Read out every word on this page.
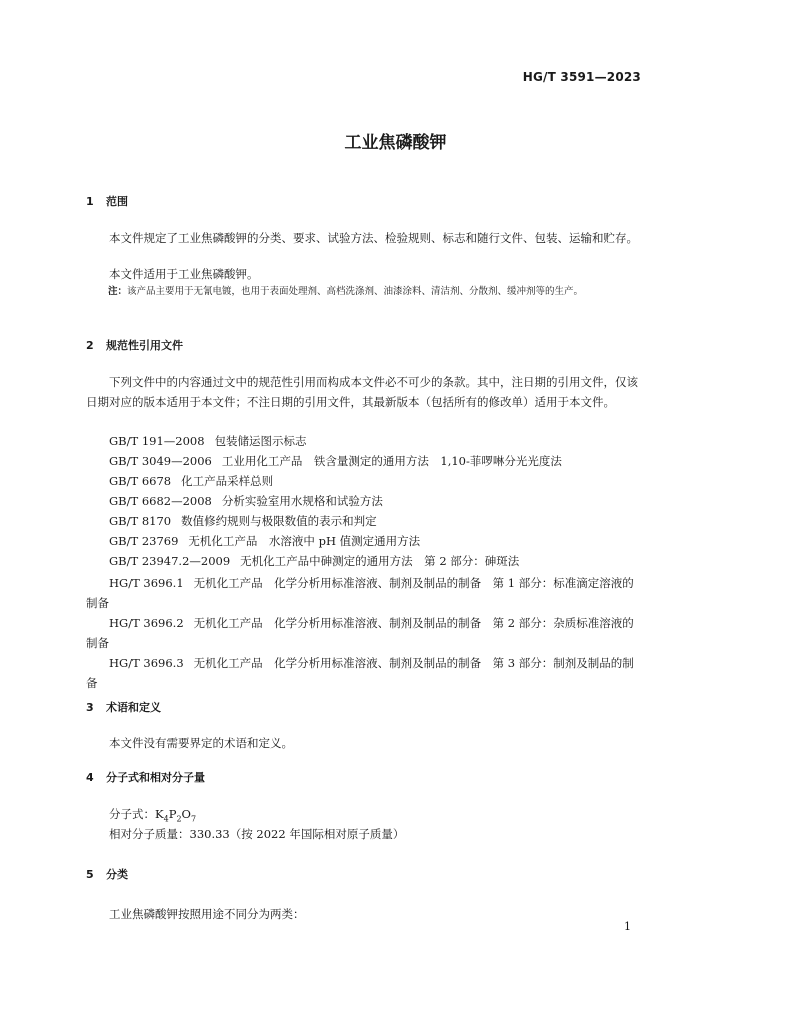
HG/T 3591—2023
工业焦磷酸钾
1 范围
本文件规定了工业焦磷酸钾的分类、要求、试验方法、检验规则、标志和随行文件、包装、运输和贮存。
本文件适用于工业焦磷酸钾。
注：该产品主要用于无氰电镀，也用于表面处理剂、高档洗涤剂、油漆涂料、清洁剂、分散剂、缓冲剂等的生产。
2 规范性引用文件
下列文件中的内容通过文中的规范性引用而构成本文件必不可少的条款。其中，注日期的引用文件，仅该日期对应的版本适用于本文件；不注日期的引用文件，其最新版本（包括所有的修改单）适用于本文件。
GB/T 191—2008 包装储运图示标志
GB/T 3049—2006 工业用化工产品　铁含量测定的通用方法　1,10-菲啰啉分光光度法
GB/T 6678 化工产品采样总则
GB/T 6682—2008 分析实验室用水规格和试验方法
GB/T 8170 数值修约规则与极限数值的表示和判定
GB/T 23769 无机化工产品　水溶液中 pH 值测定通用方法
GB/T 23947.2—2009 无机化工产品中砷测定的通用方法　第 2 部分：砷斑法
HG/T 3696.1 无机化工产品　化学分析用标准溶液、制剂及制品的制备　第 1 部分：标准滴定溶液的制备
HG/T 3696.2 无机化工产品　化学分析用标准溶液、制剂及制品的制备　第 2 部分：杂质标准溶液的制备
HG/T 3696.3 无机化工产品　化学分析用标准溶液、制剂及制品的制备　第 3 部分：制剂及制品的制备
3 术语和定义
本文件没有需要界定的术语和定义。
4 分子式和相对分子量
分子式：$K_4P_2O_7$
相对分子质量：330.33（按 2022 年国际相对原子质量）
5 分类
工业焦磷酸钾按照用途不同分为两类：
1
